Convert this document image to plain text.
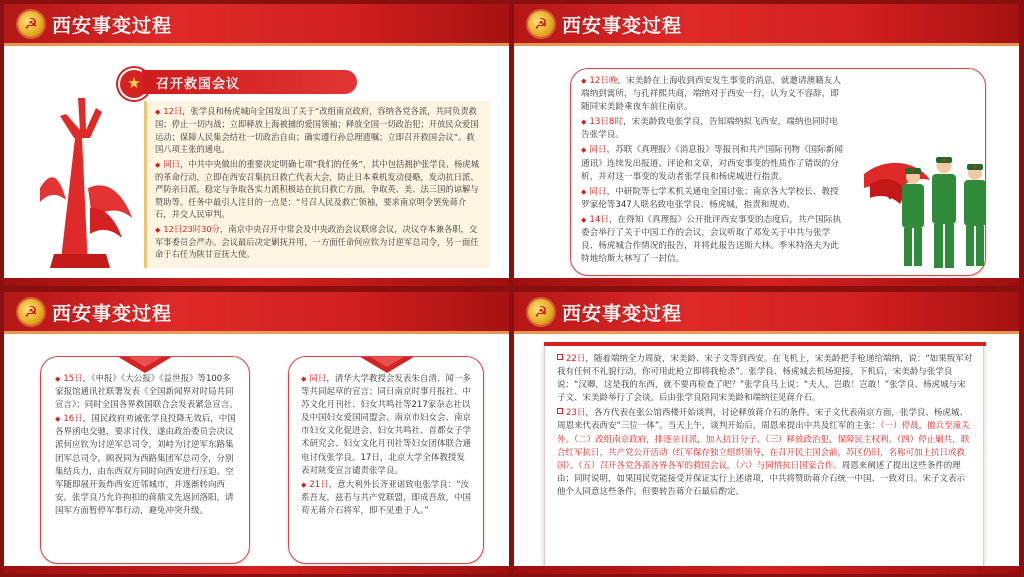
☭ 西安事变过程
★	召开救国会议

◆ 12日，张学良和杨虎城向全国发出了关于“改组南京政府，容纳各党各派，共同负责救国；停止一切内战；立即释放上海被捕的爱国领袖；释放全国一切政治犯；开放民众爱国运动；保障人民集会结社一切政治自由；确实遵行孙总理遗嘱；立即召开救国会议”。救国八项主张的通电。

◆ 同日，中共中央做出的重要决定明确七项“我们的任务”，其中包括拥护张学良、杨虎城的革命行动，立即在西安召集抗日救亡代表大会，防止日本乘机发动侵略，发动抗日派、严防亲日派，稳定与争取各实力派积极站在抗日救亡方面，争取英、美、法三国的谅解与赞助等。任务中最引人注目的一点是：“号召人民及救亡领袖，要求南京明令罢免蒋介石，并交人民审判。

◆ 12日23时30分，南京中央召开中常会及中央政治会议联席会议，决议夺本兼各职，交军事委员会严办。会议最后决定剿抚并用，一方面任命何应钦为讨逆军总司令，另一面任命于右任为陕甘宣抚大使。

☭ 西安事变过程

◆ 12日晚，宋美龄在上海收到西安发生事变的消息，就邀请澳籍友人端纳到寓所，与孔祥熙共商，端纳对于西安一行，认为义不容辞，即随同宋美龄乘夜车前往南京。

◆ 13日8时，宋美龄致电张学良，告知端纳拟飞西安，端纳也同时电告张学良。

◆ 同日，苏联《真理报》《消息报》等报刊和共产国际刊物《国际新闻通讯》连续发出报道、评论和文章，对西安事变的性质作了错误的分析，并对这一事变的发动者张学良和杨虎城进行指责。

◆ 同日，中研院等七学术机关通电全国讨张；南京各大学校长、教授罗家伦等347人联名致电张学良、杨虎城，指责和规劝。

◆ 14日，在得知《真理报》公开批评西安事变的态度后，共产国际执委会举行了关于中国工作的会议，会议听取了邓发关于中共与张学良、杨虎城合作情况的报告，并将此报告送斯大林。季米特洛夫为此特地给斯大林写了一封信。

☭ 西安事变过程

◆ 15日，《申报》《大公报》《益世报》等100多家报馆通讯社联署发表《全国新闻界对时局共同宣言》；同时全国各界救国联合会发表紧急宣言。

◆ 16日，国民政府劝诫张学良投降无效后，中国各界函电交驰，要求讨伐，遂由政治委员会决议派何应钦为讨逆军总司令，刘峙为讨逆军东路集团军总司令，顾祝同为西路集团军总司令，分别集结兵力，由东西双方同时向西安进行压迫。空军随即展开轰炸西安近邻城市，并逐渐转向西安。张学良乃允许拘扣的蒋鼎文先返回洛阳，请国军方面暂停军事行动，避免冲突升级。

◆ 同日，清华大学教授会发表朱自清、闻一多等共同起草的宣言；同日南京时事月报社、中苏文化月刊社、妇女共鸣社等217家杂志社以及中国妇女爱国同盟会、南京市妇女会、南京市妇女文化促进会、妇女共鸣社、首都女子学术研究会、妇女文化月刊社等妇女团体联合通电讨伐张学良。17日，北京大学全体教授发表对陕变宣言谴责张学良。

◆ 21日，意大利外长齐亚诺致电张学良：“汝系吾友，兹若与共产党联盟，即成吾敌，中国苟无蒋介石将军，即不见重于人。”

☭ 西安事变过程

22日，随着端纳全力周旋，宋美龄、宋子文等到西安。在飞机上，宋美龄把手枪递给端纳，说：“如果叛军对我有任何不礼貌行动，你可用此枪立即将我枪杀”。张学良、杨虎城去机场迎接，下机后，宋美龄与张学良说：“汉卿，这是我的东西，就不要再检查了吧？”张学良马上说：“夫人，岂敢！岂敢！”张学良、杨虎城与宋子文、宋美龄举行了会谈。后由张学良陪同宋美龄和端纳往见蒋介石。

23日，各方代表在张公馆西楼开始谈判，讨论释放蒋介石的条件。宋子文代表南京方面，张学良、杨虎城、周恩来代表西安“三位一体”。当天上午，谈判开始后，周恩来提出中共及红军的主张：（一）停战，撤兵至潼关外。（二）改组南京政府，排逐亲日派，加入抗日分子。（三）释放政治犯，保障民主权利。（四）停止剿共，联合红军抗日，共产党公开活动（红军保存独立组织领导，在召开民主国会前，苏区仍旧，名称可加上抗日或救国）。（五）召开各党各派各界各军的救国会议。（六）与同情抗日国家合作。周恩来阐述了提出这些条件的理由；同时说明，如果国民党能接受并保证实行上述诸项，中共将赞助蒋介石统一中国、一致对日。宋子文表示他个人同意这些条件，但要转告蒋介石最后酌定。
